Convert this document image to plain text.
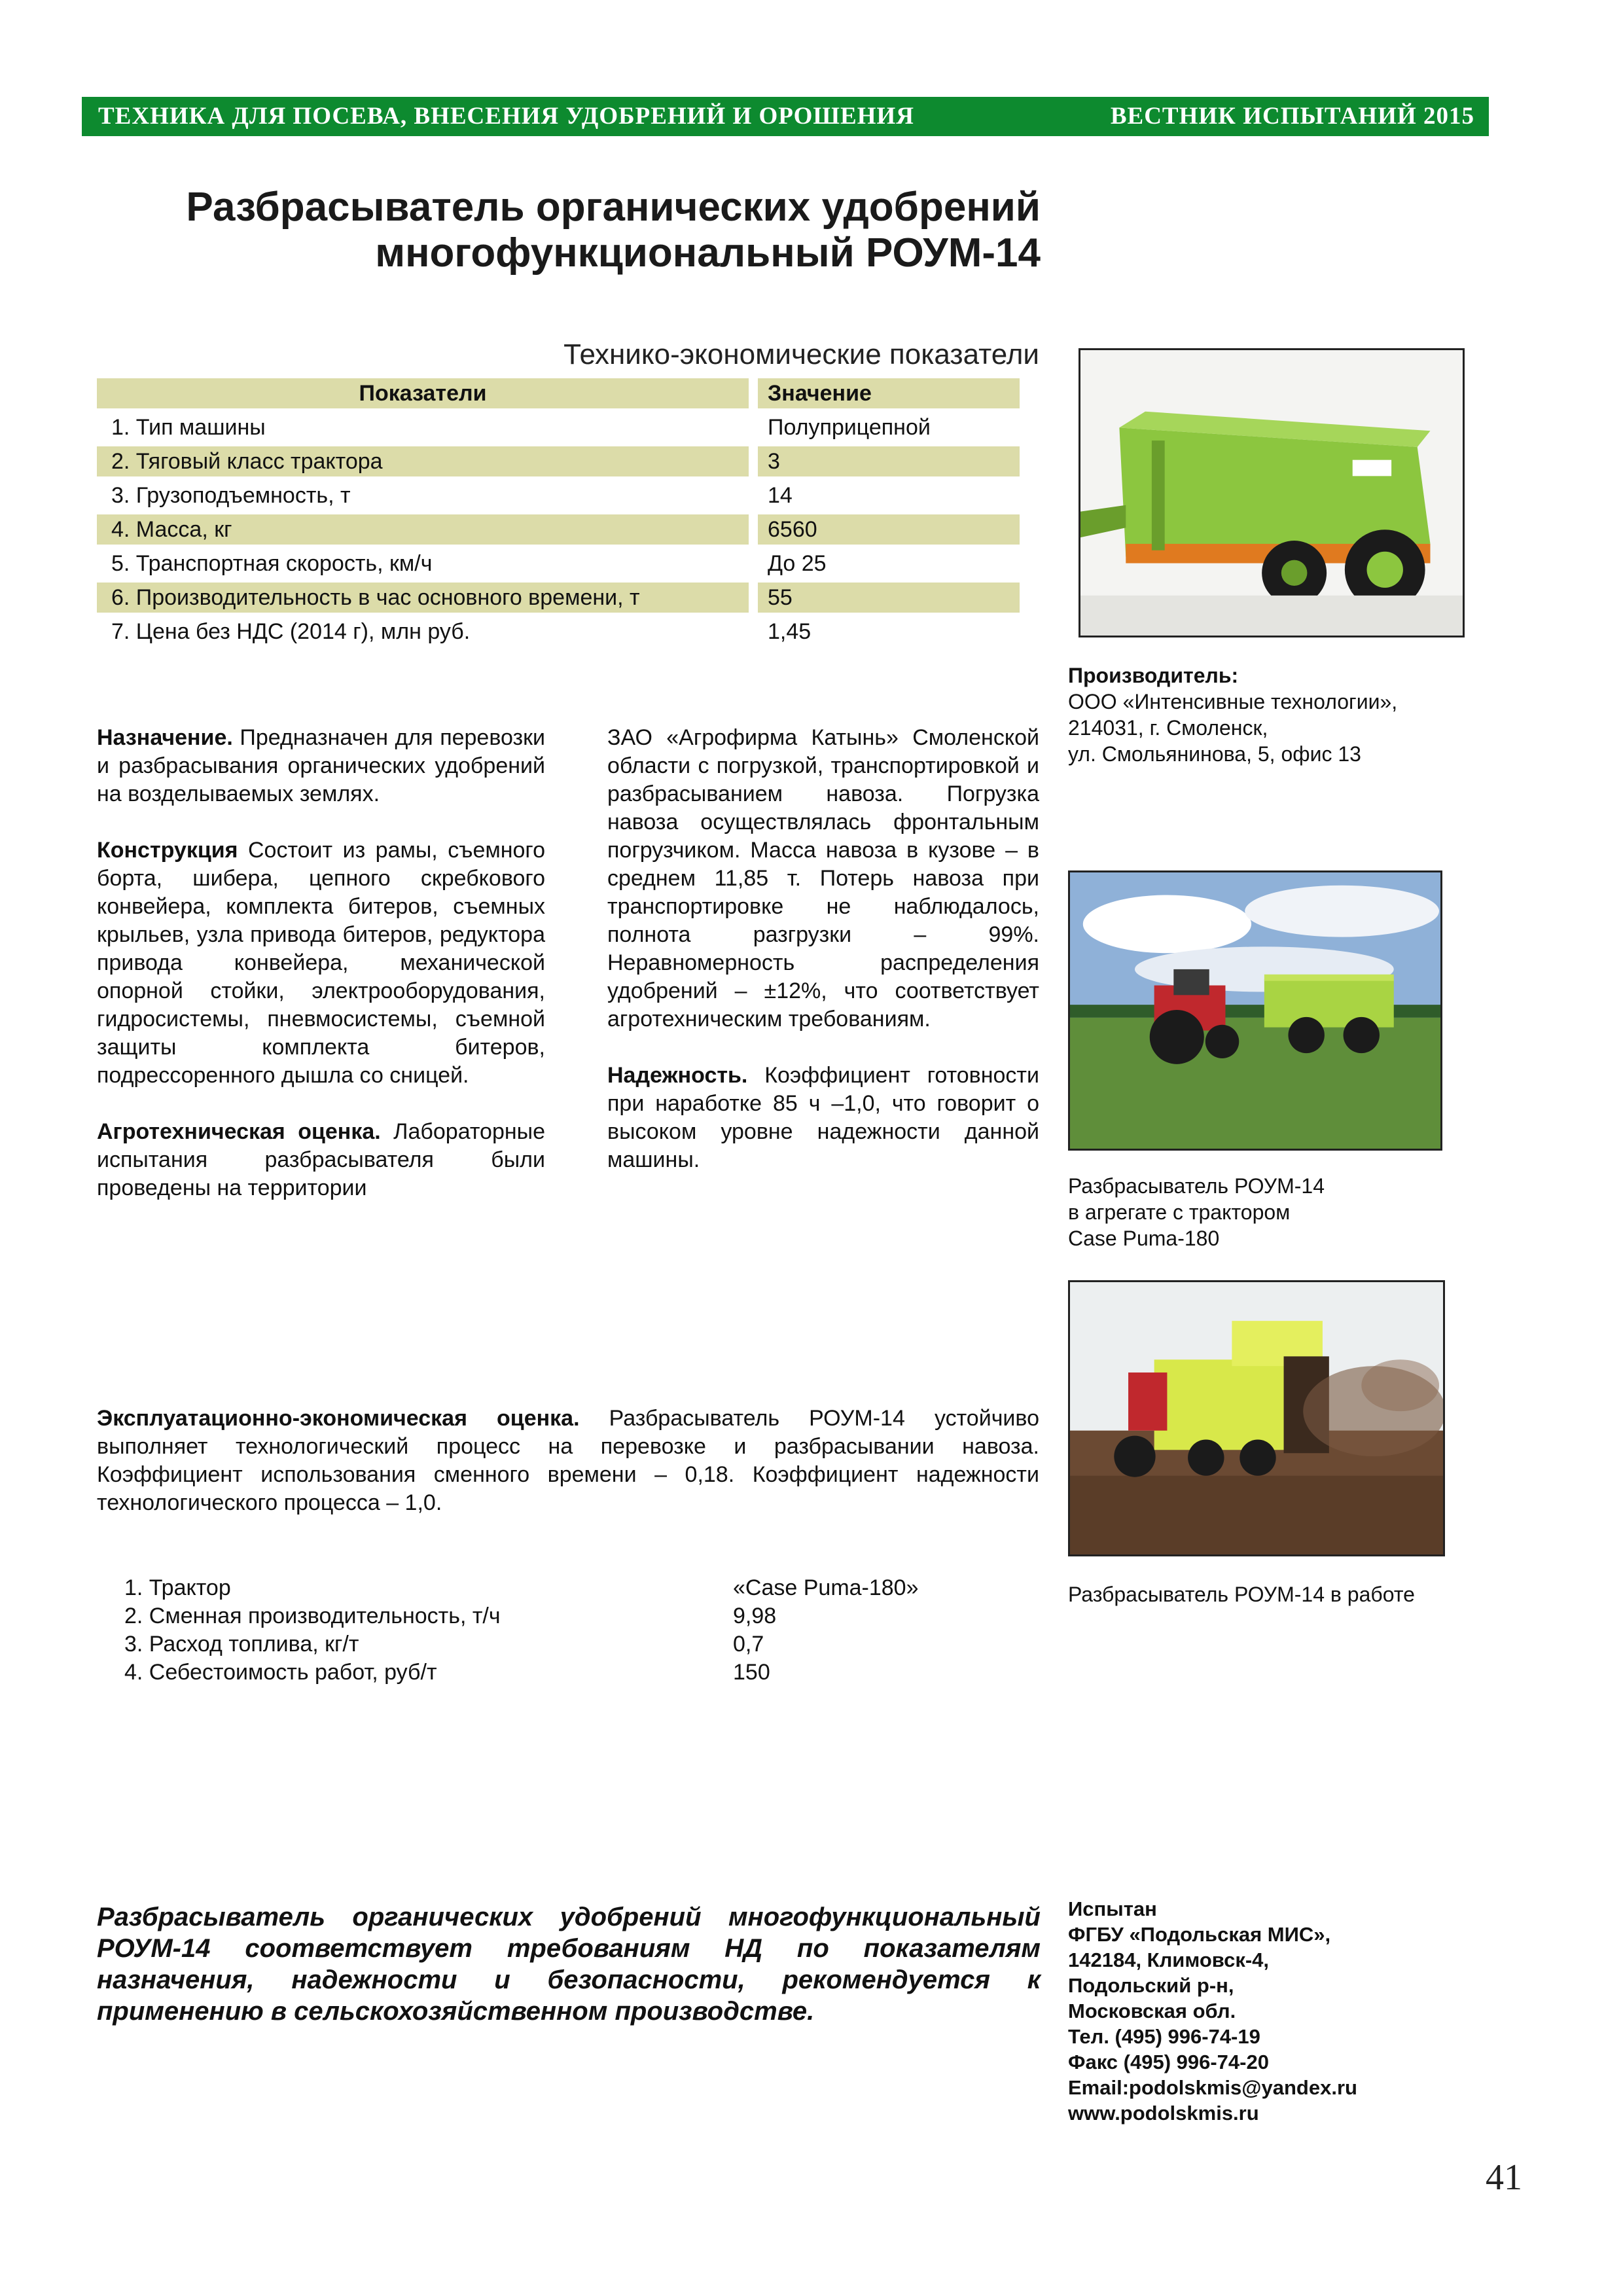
ТЕХНИКА ДЛЯ ПОСЕВА, ВНЕСЕНИЯ УДОБРЕНИЙ И ОРОШЕНИЯ	ВЕСТНИК ИСПЫТАНИЙ 2015
Разбрасыватель органических удобрений
многофункциональный РОУМ-14
Технико-экономические показатели
Показатели	Значение
1. Тип машины	Полуприцепной
2. Тяговый класс трактора	3
3. Грузоподъемность, т	14
4. Масса, кг	6560
5. Транспортная скорость, км/ч	До 25
6. Производительность в час основного времени, т	55
7. Цена без НДС (2014 г), млн руб.	1,45
Производитель:
ООО «Интенсивные технологии»,
214031, г. Смоленск,
ул. Смольянинова, 5, офис 13

Назначение. Предназначен для перевозки и разбрасывания органических удобрений на возделываемых землях.

Конструкция Состоит из рамы, съемного борта, шибера, цепного скребкового конвейера, комплекта битеров, съемных крыльев, узла привода битеров, редуктора привода конвейера, механической опорной стойки, электрооборудования, гидросистемы, пневмосистемы, съемной защиты комплекта битеров, подрессоренного дышла со сницей.

Агротехническая оценка. Лабораторные испытания разбрасывателя были проведены на территории

ЗАО «Агрофирма Катынь» Смоленской области с погрузкой, транспортировкой и разбрасыванием навоза. Погрузка навоза осуществлялась фронтальным погрузчиком. Масса навоза в кузове – в среднем 11,85 т. Потерь навоза при транспортировке не наблюдалось, полнота разгрузки – 99%. Неравномерность распределения удобрений – ±12%, что соответствует агротехническим требованиям.

Надежность. Коэффициент готовности при наработке 85 ч –1,0, что говорит о высоком уровне надежности данной машины.

Разбрасыватель РОУМ-14
в агрегате с трактором
Case Puma-180
Разбрасыватель РОУМ-14 в работе
Эксплуатационно-экономическая оценка. Разбрасыватель РОУМ-14 устойчиво выполняет технологический процесс на перевозке и разбрасывании навоза. Коэффициент использования сменного времени – 0,18. Коэффициент надежности технологического процесса – 1,0.
1. Трактор	«Case Puma-180»
2. Сменная производительность, т/ч	9,98
3. Расход топлива, кг/т	0,7
4. Себестоимость работ, руб/т	150
Разбрасыватель органических удобрений многофункциональный РОУМ-14 соответствует требованиям НД по показателям назначения, надежности и безопасности, рекомендуется к применению в сельскохозяйственном производстве.
Испытан
ФГБУ «Подольская МИС»,
142184, Климовск-4,
Подольский р-н,
Московская обл.
Тел. (495) 996-74-19
Факс (495) 996-74-20
Email:podolskmis@yandex.ru
www.podolskmis.ru
41
